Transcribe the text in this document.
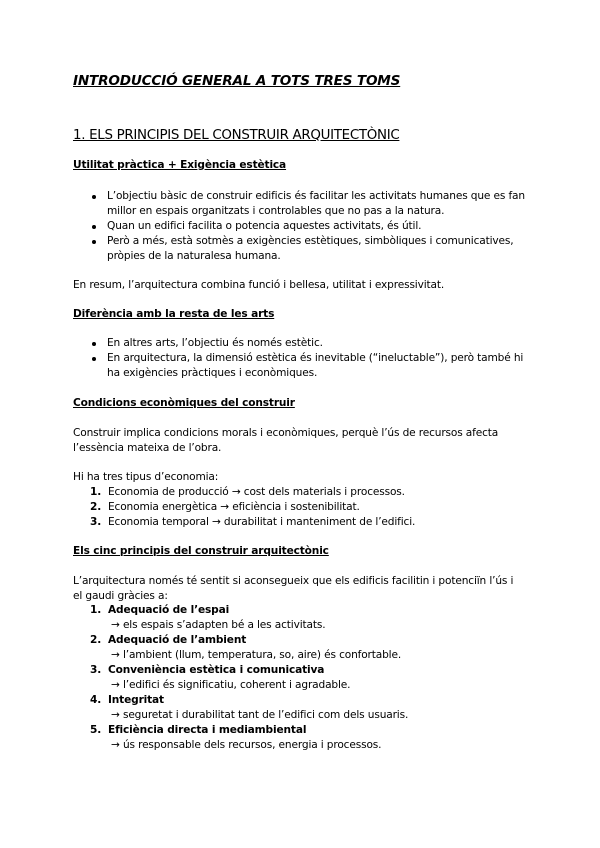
INTRODUCCIÓ GENERAL A TOTS TRES TOMS
1. ELS PRINCIPIS DEL CONSTRUIR ARQUITECTÒNIC
Utilitat pràctica + Exigència estètica
L’objectiu bàsic de construir edificis és facilitar les activitats humanes que es fan millor en espais organitzats i controlables que no pas a la natura.
Quan un edifici facilita o potencia aquestes activitats, és útil.
Però a més, està sotmès a exigències estètiques, simbòliques i comunicatives, pròpies de la naturalesa humana.

En resum, l’arquitectura combina funció i bellesa, utilitat i expressivitat.

Diferència amb la resta de les arts
En altres arts, l’objectiu és només estètic.
En arquitectura, la dimensió estètica és inevitable (“ineluctable”), però també hi ha exigències pràctiques i econòmiques.
Condicions econòmiques del construir

Construir implica condicions morals i econòmiques, perquè l’ús de recursos afecta l’essència mateixa de l’obra.

Hi ha tres tipus d’economia:

1. Economia de producció → cost dels materials i processos.
2. Economia energètica → eficiència i sostenibilitat.
3. Economia temporal → durabilitat i manteniment de l’edifici.
Els cinc principis del construir arquitectònic

L’arquitectura només té sentit si aconsegueix que els edificis facilitin i potenciïn l’ús i el gaudi gràcies a:

1. Adequació de l’espai
→ els espais s’adapten bé a les activitats.
2. Adequació de l’ambient
→ l’ambient (llum, temperatura, so, aire) és confortable.
3. Conveniència estètica i comunicativa
→ l’edifici és significatiu, coherent i agradable.
4. Integritat
→ seguretat i durabilitat tant de l’edifici com dels usuaris.
5. Eficiència directa i mediambiental
→ ús responsable dels recursos, energia i processos.
